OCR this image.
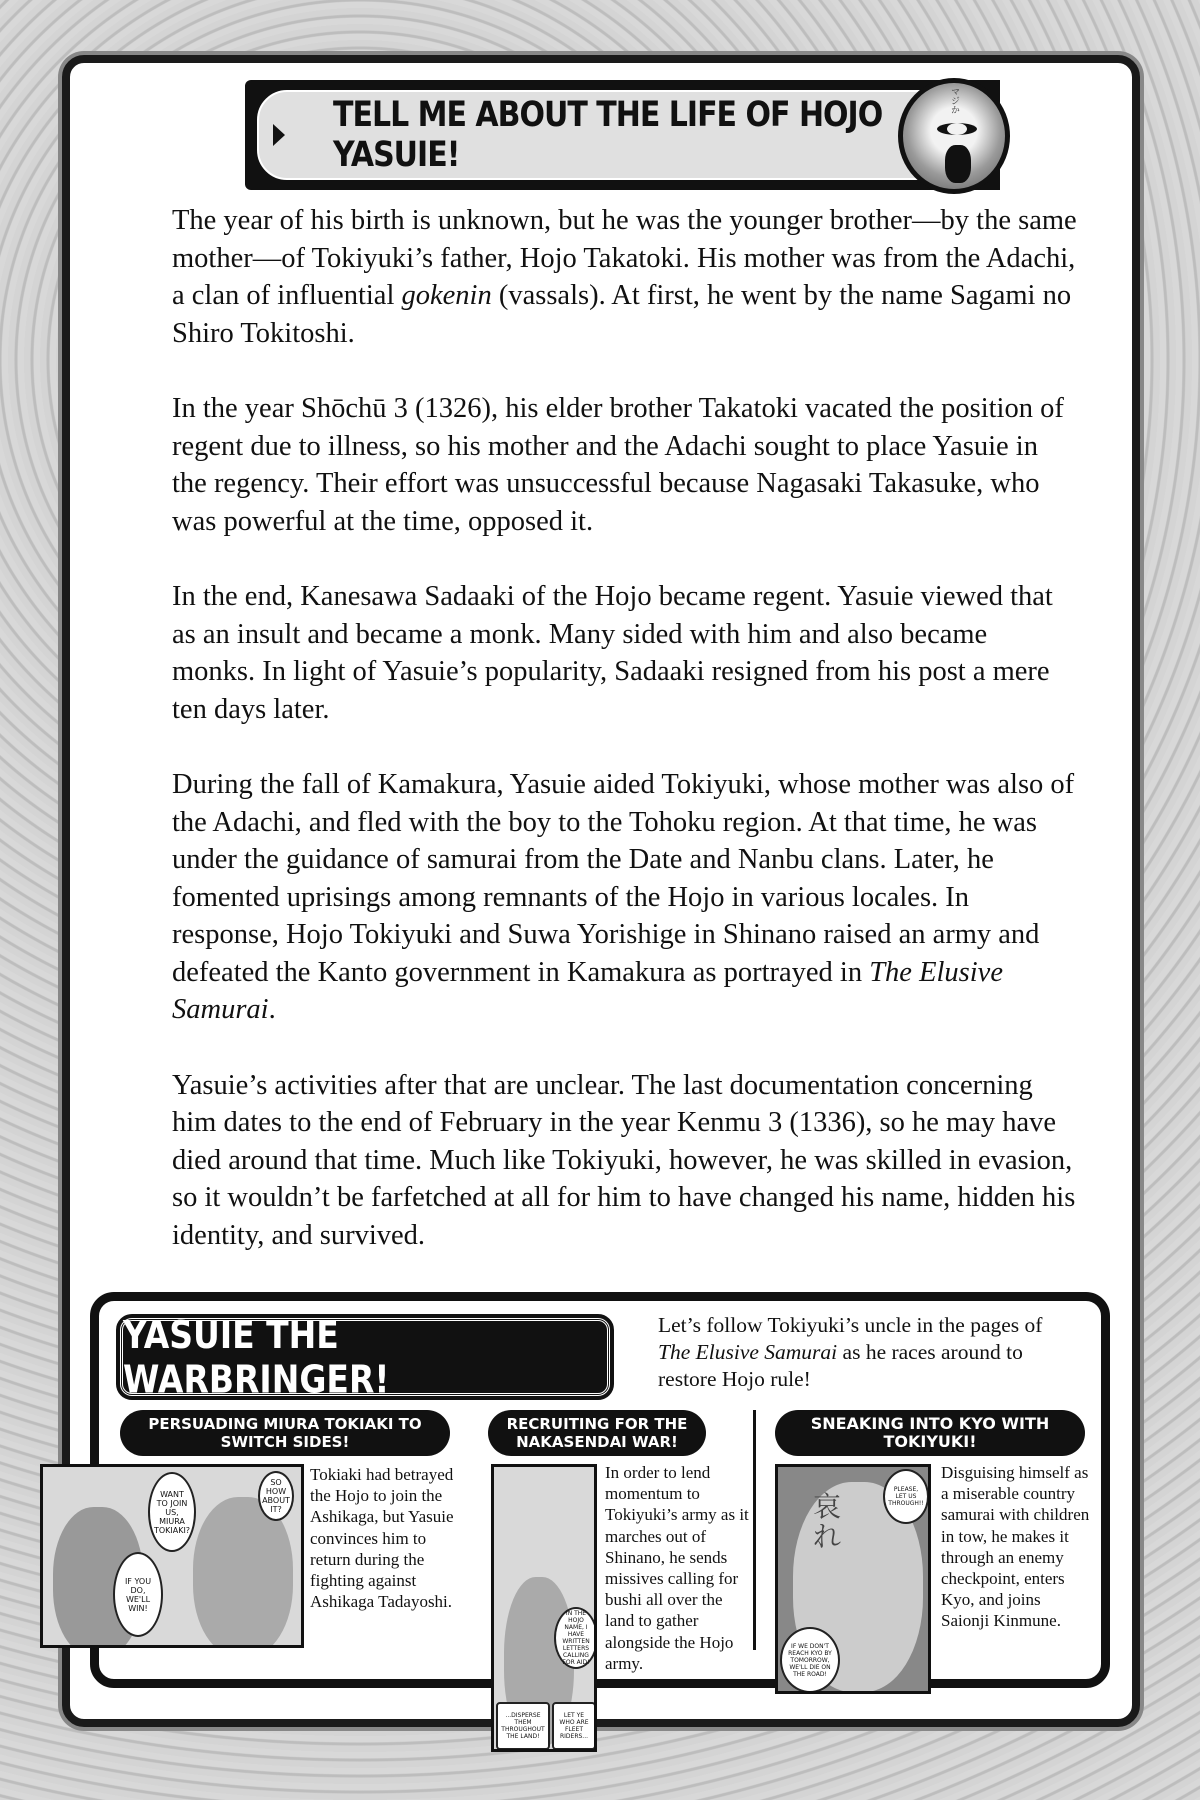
TELL ME ABOUT THE LIFE OF HOJO YASUIE!
マジか

The year of his birth is unknown, but he was the younger brother—by the same mother—of Tokiyuki’s father, Hojo Takatoki. His mother was from the Adachi, a clan of influential gokenin (vassals). At first, he went by the name Sagami no Shiro Tokitoshi.

In the year Shōchū 3 (1326), his elder brother Takatoki vacated the position of regent due to illness, so his mother and the Adachi sought to place Yasuie in the regency. Their effort was unsuccessful because Nagasaki Takasuke, who was powerful at the time, opposed it.

In the end, Kanesawa Sadaaki of the Hojo became regent. Yasuie viewed that as an insult and became a monk. Many sided with him and also became monks. In light of Yasuie’s popularity, Sadaaki resigned from his post a mere ten days later.

During the fall of Kamakura, Yasuie aided Tokiyuki, whose mother was also of the Adachi, and fled with the boy to the Tohoku region. At that time, he was under the guidance of samurai from the Date and Nanbu clans. Later, he fomented uprisings among remnants of the Hojo in various locales. In response, Hojo Tokiyuki and Suwa Yorishige in Shinano raised an army and defeated the Kanto government in Kamakura as portrayed in The Elusive Samurai.

Yasuie’s activities after that are unclear. The last documentation concerning him dates to the end of February in the year Kenmu 3 (1336), so he may have died around that time. Much like Tokiyuki, however, he was skilled in evasion, so it wouldn’t be farfetched at all for him to have changed his name, hidden his identity, and survived.

YASUIE THE WARBRINGER!
Let’s follow Tokiyuki’s uncle in the pages of The Elusive Samurai as he races around to restore Hojo rule!
PERSUADING MIURA TOKIAKI TO SWITCH SIDES!
WANT TO JOIN US, MIURA TOKIAKI?
SO HOW ABOUT IT?
IF YOU DO, WE'LL WIN!
Tokiaki had betrayed the Hojo to join the Ashikaga, but Yasuie convinces him to return during the fighting against Ashikaga Tadayoshi.
RECRUITING FOR THE NAKASENDAI WAR!
IN THE HOJO NAME, I HAVE WRITTEN LETTERS CALLING FOR AID!
...DISPERSE THEM THROUGHOUT THE LAND!
LET YE WHO ARE FLEET RIDERS...
In order to lend momentum to Tokiyuki’s army as it marches out of Shinano, he sends missives calling for bushi all over the land to gather alongside the Hojo army.
SNEAKING INTO KYO WITH TOKIYUKI!
哀れ
PLEASE, LET US THROUGH!!
IF WE DON'T REACH KYO BY TOMORROW, WE'LL DIE ON THE ROAD!
Disguising himself as a miserable country samurai with children in tow, he makes it through an enemy checkpoint, enters Kyo, and joins Saionji Kinmune.
